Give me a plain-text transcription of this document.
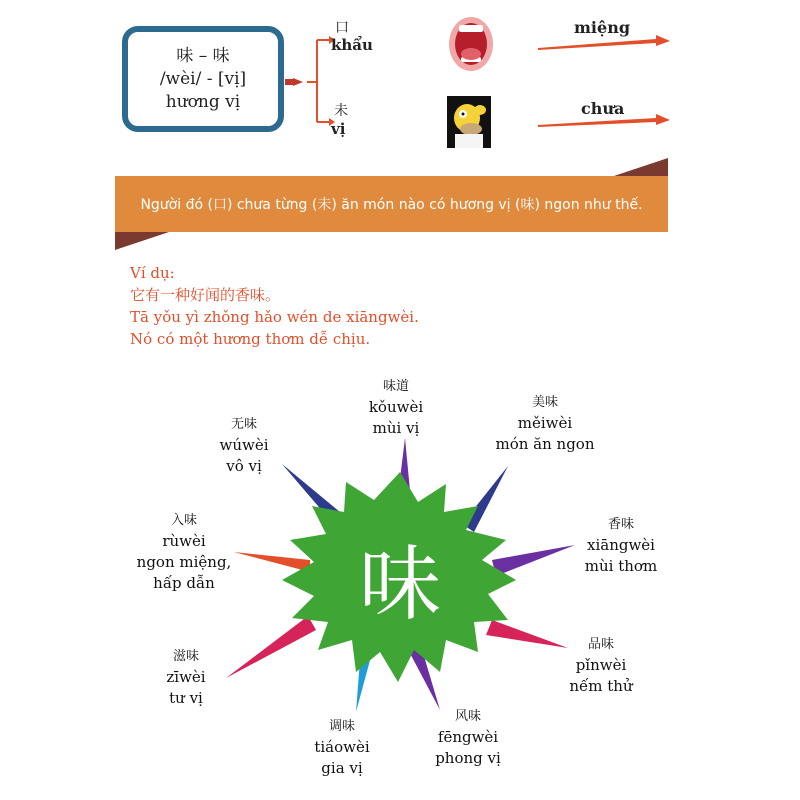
味 – 味
/wèi/ - [vị]
hương vị
口
khẩu
未
vị
miệng
chưa
Người đó (口) chưa từng (未) ăn món nào có hương vị (味) ngon như thế.
Ví dụ:
它有一种好闻的香味。
Tā yǒu yì zhǒng hǎo wén de xiāngwèi.
Nó có một hương thơm dễ chịu.
味
味道
kǒuwèi
mùi vị
美味
měiwèi
món ăn ngon
香味
xiāngwèi
mùi thơm
品味
pǐnwèi
nếm thử
风味
fēngwèi
phong vị
调味
tiáowèi
gia vị
滋味
zīwèi
tư vị
入味
rùwèi
ngon miệng,
hấp dẫn
无味
wúwèi
vô vị
